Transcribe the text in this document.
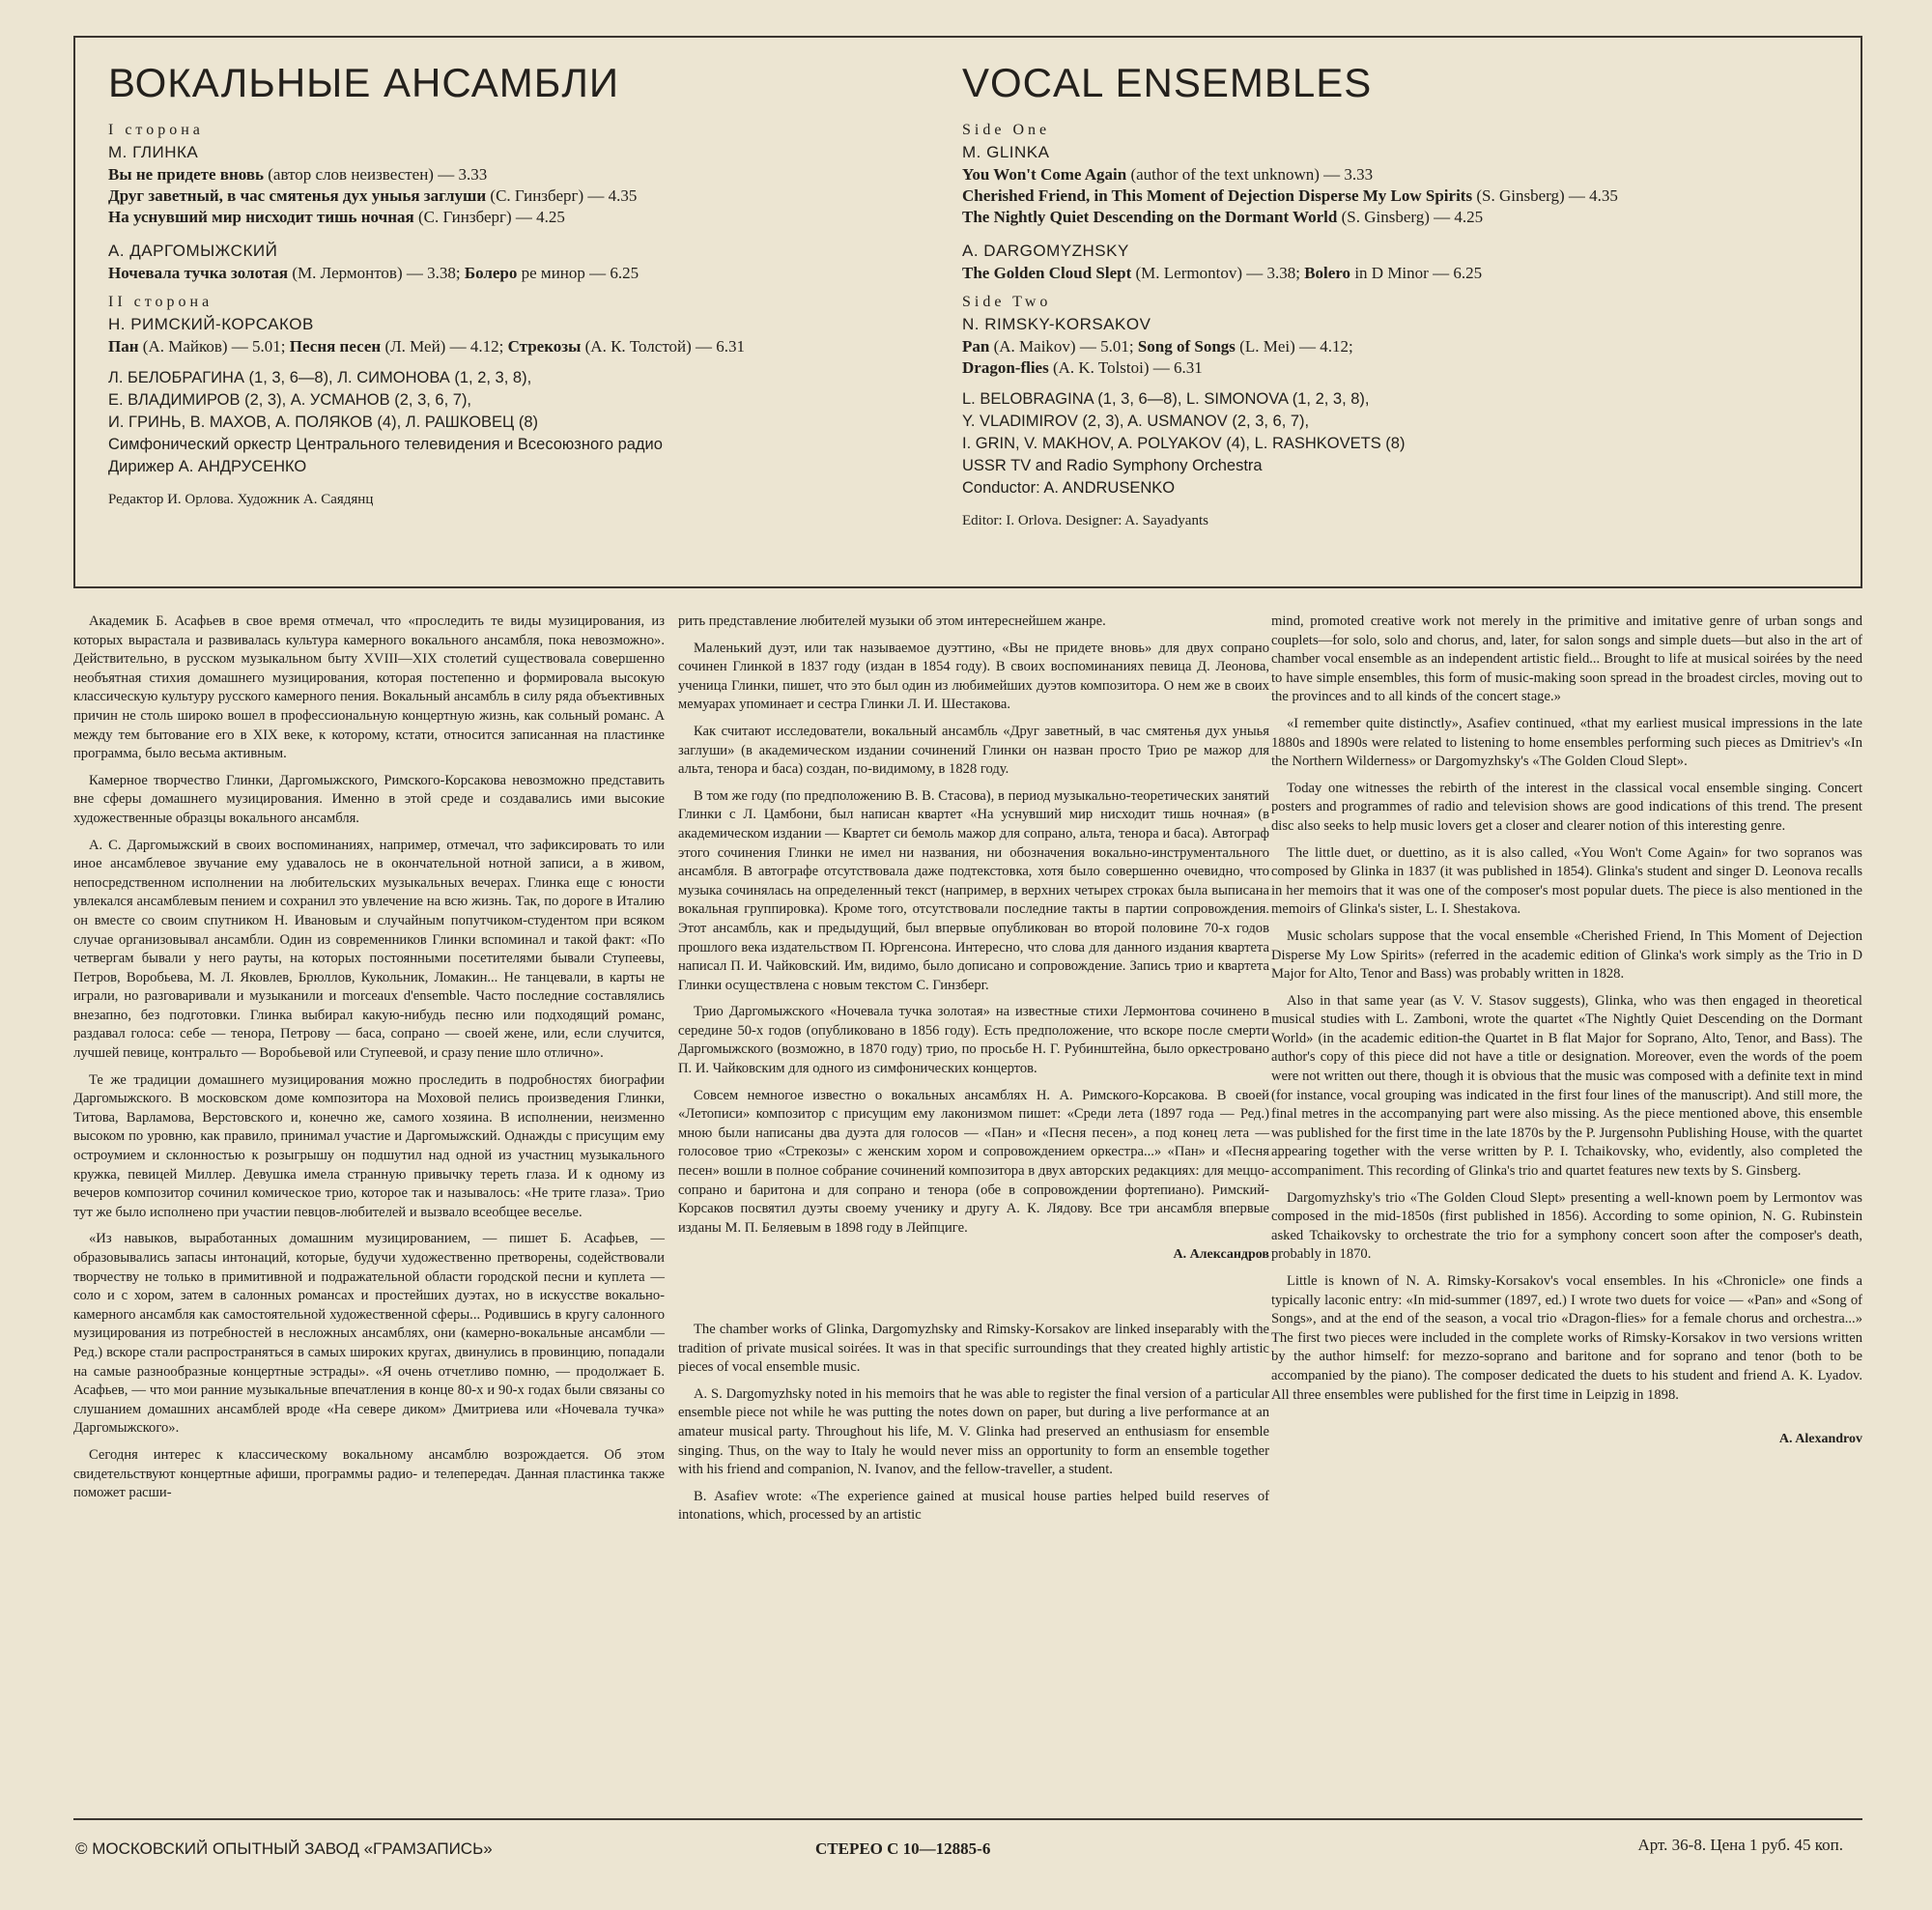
ВОКАЛЬНЫЕ АНСАМБЛИ
I сторона
М. ГЛИНКА

Вы не придете вновь (автор слов неизвестен) — 3.33

Друг заветный, в час смятенья дух уныья заглуши (С. Гинзберг) — 4.35

На уснувший мир нисходит тишь ночная (С. Гинзберг) — 4.25

А. ДАРГОМЫЖСКИЙ

Ночевала тучка золотая (М. Лермонтов) — 3.38; Болеро ре минор — 6.25

II сторона
Н. РИМСКИЙ-КОРСАКОВ

Пан (А. Майков) — 5.01; Песня песен (Л. Мей) — 4.12; Стрекозы (А. К. Толстой) — 6.31

Л. БЕЛОБРАГИНА (1, 3, 6—8), Л. СИМОНОВА (1, 2, 3, 8),

Е. ВЛАДИМИРОВ (2, 3), А. УСМАНОВ (2, 3, 6, 7),

И. ГРИНЬ, В. МАХОВ, А. ПОЛЯКОВ (4), Л. РАШКОВЕЦ (8)

Симфонический оркестр Центрального телевидения и Всесоюзного радио

Дирижер А. АНДРУСЕНКО

Редактор И. Орлова. Художник А. Саядянц
VOCAL ENSEMBLES
Side One
M. GLINKA

You Won't Come Again (author of the text unknown) — 3.33

Cherished Friend, in This Moment of Dejection Disperse My Low Spirits (S. Ginsberg) — 4.35

The Nightly Quiet Descending on the Dormant World (S. Ginsberg) — 4.25

A. DARGOMYZHSKY

The Golden Cloud Slept (M. Lermontov) — 3.38; Bolero in D Minor — 6.25

Side Two
N. RIMSKY-KORSAKOV

Pan (A. Maikov) — 5.01; Song of Songs (L. Mei) — 4.12;

Dragon-flies (A. K. Tolstoi) — 6.31

L. BELOBRAGINA (1, 3, 6—8), L. SIMONOVA (1, 2, 3, 8),

Y. VLADIMIROV (2, 3), A. USMANOV (2, 3, 6, 7),

I. GRIN, V. MAKHOV, A. POLYAKOV (4), L. RASHKOVETS (8)

USSR TV and Radio Symphony Orchestra

Conductor: A. ANDRUSENKO

Editor: I. Orlova. Designer: A. Sayadyants

Академик Б. Асафьев в свое время отмечал, что «проследить те виды музицирования, из которых вырастала и развивалась культура камерного вокального ансамбля, пока невозможно». Действительно, в русском музыкальном быту XVIII—XIX столетий существовала совершенно необъятная стихия домашнего музицирования, которая постепенно и формировала высокую классическую культуру русского камерного пения. Вокальный ансамбль в силу ряда объективных причин не столь широко вошел в профессиональную концертную жизнь, как сольный романс. А между тем бытование его в XIX веке, к которому, кстати, относится записанная на пластинке программа, было весьма активным.

Камерное творчество Глинки, Даргомыжского, Римского-Корсакова невозможно представить вне сферы домашнего музицирования. Именно в этой среде и создавались ими высокие художественные образцы вокального ансамбля.

А. С. Даргомыжский в своих воспоминаниях, например, отмечал, что зафиксировать то или иное ансамблевое звучание ему удавалось не в окончательной нотной записи, а в живом, непосредственном исполнении на любительских музыкальных вечерах. Глинка еще с юности увлекался ансамблевым пением и сохранил это увлечение на всю жизнь. Так, по дороге в Италию он вместе со своим спутником Н. Ивановым и случайным попутчиком-студентом при всяком случае организовывал ансамбли. Один из современников Глинки вспоминал и такой факт: «По четвергам бывали у него рауты, на которых постоянными посетителями бывали Ступеевы, Петров, Воробьева, М. Л. Яковлев, Брюллов, Кукольник, Ломакин... Не танцевали, в карты не играли, но разговаривали и музыканили и morceaux d'ensemble. Часто последние составлялись внезапно, без подготовки. Глинка выбирал какую-нибудь песню или подходящий романс, раздавал голоса: себе — тенора, Петрову — баса, сопрано — своей жене, или, если случится, лучшей певице, контральто — Воробьевой или Ступеевой, и сразу пение шло отлично».

Те же традиции домашнего музицирования можно проследить в подробностях биографии Даргомыжского. В московском доме композитора на Моховой пелись произведения Глинки, Титова, Варламова, Верстовского и, конечно же, самого хозяина. В исполнении, неизменно высоком по уровню, как правило, принимал участие и Даргомыжский. Однажды с присущим ему остроумием и склонностью к розыгрышу он подшутил над одной из участниц музыкального кружка, певицей Миллер. Девушка имела странную привычку тереть глаза. И к одному из вечеров композитор сочинил комическое трио, которое так и называлось: «Не трите глаза». Трио тут же было исполнено при участии певцов-любителей и вызвало всеобщее веселье.

«Из навыков, выработанных домашним музицированием, — пишет Б. Асафьев, — образовывались запасы интонаций, которые, будучи художественно претворены, содействовали творчеству не только в примитивной и подражательной области городской песни и куплета — соло и с хором, затем в салонных романсах и простейших дуэтах, но в искусстве вокально-камерного ансамбля как самостоятельной художественной сферы... Родившись в кругу салонного музицирования из потребностей в несложных ансамблях, они (камерно-вокальные ансамбли — Ред.) вскоре стали распространяться в самых широких кругах, двинулись в провинцию, попадали на самые разнообразные концертные эстрады». «Я очень отчетливо помню, — продолжает Б. Асафьев, — что мои ранние музыкальные впечатления в конце 80-х и 90-х годах были связаны со слушанием домашних ансамблей вроде «На севере диком» Дмитриева или «Ночевала тучка» Даргомыжского».

Сегодня интерес к классическому вокальному ансамблю возрождается. Об этом свидетельствуют концертные афиши, программы радио- и телепередач. Данная пластинка также поможет расши-

рить представление любителей музыки об этом интереснейшем жанре.

Маленький дуэт, или так называемое дуэттино, «Вы не придете вновь» для двух сопрано сочинен Глинкой в 1837 году (издан в 1854 году). В своих воспоминаниях певица Д. Леонова, ученица Глинки, пишет, что это был один из любимейших дуэтов композитора. О нем же в своих мемуарах упоминает и сестра Глинки Л. И. Шестакова.

Как считают исследователи, вокальный ансамбль «Друг заветный, в час смятенья дух уныья заглуши» (в академическом издании сочинений Глинки он назван просто Трио ре мажор для альта, тенора и баса) создан, по-видимому, в 1828 году.

В том же году (по предположению В. В. Стасова), в период музыкально-теоретических занятий Глинки с Л. Цамбони, был написан квартет «На уснувший мир нисходит тишь ночная» (в академическом издании — Квартет си бемоль мажор для сопрано, альта, тенора и баса). Автограф этого сочинения Глинки не имел ни названия, ни обозначения вокально-инструментального ансамбля. В автографе отсутствовала даже подтекстовка, хотя было совершенно очевидно, что музыка сочинялась на определенный текст (например, в верхних четырех строках была выписана вокальная группировка). Кроме того, отсутствовали последние такты в партии сопровождения. Этот ансамбль, как и предыдущий, был впервые опубликован во второй половине 70-х годов прошлого века издательством П. Юргенсона. Интересно, что слова для данного издания квартета написал П. И. Чайковский. Им, видимо, было дописано и сопровождение. Запись трио и квартета Глинки осуществлена с новым текстом С. Гинзберг.

Трио Даргомыжского «Ночевала тучка золотая» на известные стихи Лермонтова сочинено в середине 50-х годов (опубликовано в 1856 году). Есть предположение, что вскоре после смерти Даргомыжского (возможно, в 1870 году) трио, по просьбе Н. Г. Рубинштейна, было оркестровано П. И. Чайковским для одного из симфонических концертов.

Совсем немногое известно о вокальных ансамблях Н. А. Римского-Корсакова. В своей «Летописи» композитор с присущим ему лаконизмом пишет: «Среди лета (1897 года — Ред.) мною были написаны два дуэта для голосов — «Пан» и «Песня песен», а под конец лета — голосовое трио «Стрекозы» с женским хором и сопровождением оркестра...» «Пан» и «Песня песен» вошли в полное собрание сочинений композитора в двух авторских редакциях: для меццо-сопрано и баритона и для сопрано и тенора (обе в сопровождении фортепиано). Римский-Корсаков посвятил дуэты своему ученику и другу А. К. Лядову. Все три ансамбля впервые изданы М. П. Беляевым в 1898 году в Лейпциге.

А. Александров

The chamber works of Glinka, Dargomyzhsky and Rimsky-Korsakov are linked inseparably with the tradition of private musical soirées. It was in that specific surroundings that they created highly artistic pieces of vocal ensemble music.

A. S. Dargomyzhsky noted in his memoirs that he was able to register the final version of a particular ensemble piece not while he was putting the notes down on paper, but during a live performance at an amateur musical party. Throughout his life, M. V. Glinka had preserved an enthusiasm for ensemble singing. Thus, on the way to Italy he would never miss an opportunity to form an ensemble together with his friend and companion, N. Ivanov, and the fellow-traveller, a student.

B. Asafiev wrote: «The experience gained at musical house parties helped build reserves of intonations, which, processed by an artistic

mind, promoted creative work not merely in the primitive and imitative genre of urban songs and couplets—for solo, solo and chorus, and, later, for salon songs and simple duets—but also in the art of chamber vocal ensemble as an independent artistic field... Brought to life at musical soirées by the need to have simple ensembles, this form of music-making soon spread in the broadest circles, moving out to the provinces and to all kinds of the concert stage.»

«I remember quite distinctly», Asafiev continued, «that my earliest musical impressions in the late 1880s and 1890s were related to listening to home ensembles performing such pieces as Dmitriev's «In the Northern Wilderness» or Dargomyzhsky's «The Golden Cloud Slept».

Today one witnesses the rebirth of the interest in the classical vocal ensemble singing. Concert posters and programmes of radio and television shows are good indications of this trend. The present disc also seeks to help music lovers get a closer and clearer notion of this interesting genre.

The little duet, or duettino, as it is also called, «You Won't Come Again» for two sopranos was composed by Glinka in 1837 (it was published in 1854). Glinka's student and singer D. Leonova recalls in her memoirs that it was one of the composer's most popular duets. The piece is also mentioned in the memoirs of Glinka's sister, L. I. Shestakova.

Music scholars suppose that the vocal ensemble «Cherished Friend, In This Moment of Dejection Disperse My Low Spirits» (referred in the academic edition of Glinka's work simply as the Trio in D Major for Alto, Tenor and Bass) was probably written in 1828.

Also in that same year (as V. V. Stasov suggests), Glinka, who was then engaged in theoretical musical studies with L. Zamboni, wrote the quartet «The Nightly Quiet Descending on the Dormant World» (in the academic edition-the Quartet in B flat Major for Soprano, Alto, Tenor, and Bass). The author's copy of this piece did not have a title or designation. Moreover, even the words of the poem were not written out there, though it is obvious that the music was composed with a definite text in mind (for instance, vocal grouping was indicated in the first four lines of the manuscript). And still more, the final metres in the accompanying part were also missing. As the piece mentioned above, this ensemble was published for the first time in the late 1870s by the P. Jurgensohn Publishing House, with the quartet appearing together with the verse written by P. I. Tchaikovsky, who, evidently, also completed the accompaniment. This recording of Glinka's trio and quartet features new texts by S. Ginsberg.

Dargomyzhsky's trio «The Golden Cloud Slept» presenting a well-known poem by Lermontov was composed in the mid-1850s (first published in 1856). According to some opinion, N. G. Rubinstein asked Tchaikovsky to orchestrate the trio for a symphony concert soon after the composer's death, probably in 1870.

Little is known of N. A. Rimsky-Korsakov's vocal ensembles. In his «Chronicle» one finds a typically laconic entry: «In mid-summer (1897, ed.) I wrote two duets for voice — «Pan» and «Song of Songs», and at the end of the season, a vocal trio «Dragon-flies» for a female chorus and orchestra...» The first two pieces were included in the complete works of Rimsky-Korsakov in two versions written by the author himself: for mezzo-soprano and baritone and for soprano and tenor (both to be accompanied by the piano). The composer dedicated the duets to his student and friend A. K. Lyadov. All three ensembles were published for the first time in Leipzig in 1898.

A. Alexandrov

© МОСКОВСКИЙ ОПЫТНЫЙ ЗАВОД «ГРАМЗАПИСЬ»	СТЕРЕО С 10—12885-6	Арт. 36-8. Цена 1 руб. 45 коп.
